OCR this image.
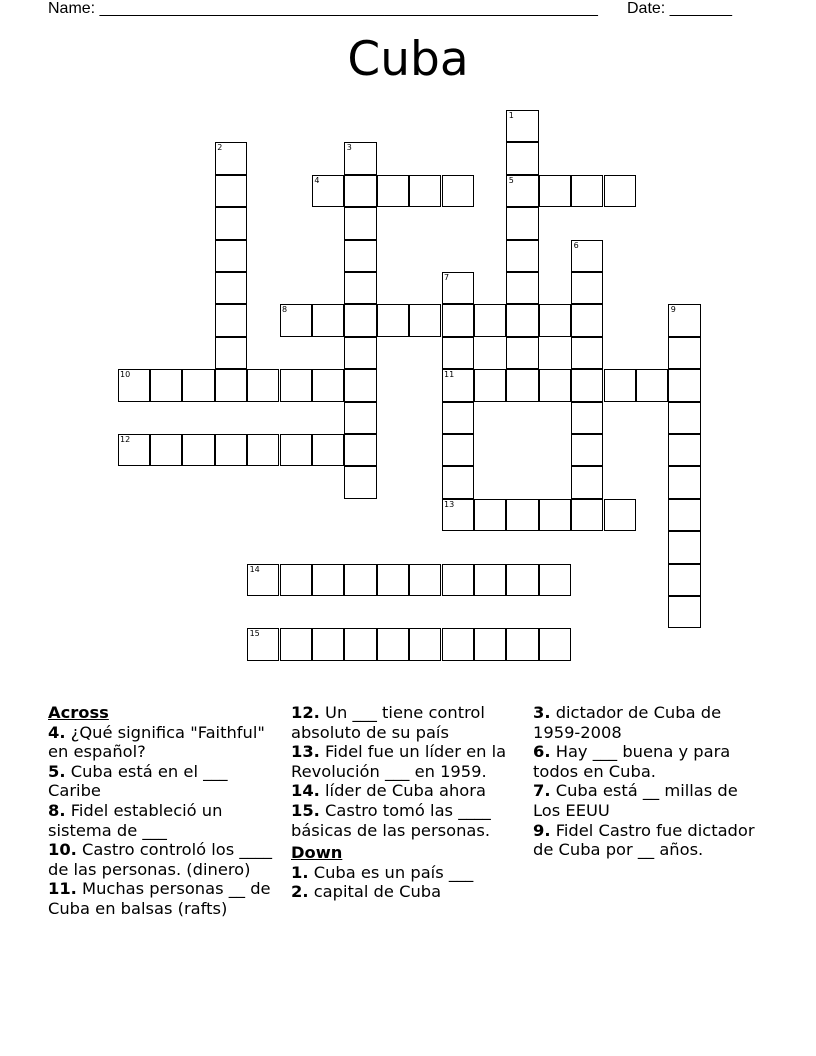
Name: ________________________________________________________ Date: _______
Cuba
1
5
2	3
4
6
7
11
8	9
10
12
13
14
15
Across
4. ¿Qué significa "Faithful" en español?
5. Cuba está en el ___ Caribe
8. Fidel estableció un sistema de ___
10. Castro controló los ____ de las personas. (dinero)
11. Muchas personas __ de Cuba en balsas (rafts)
12. Un ___ tiene control absoluto de su país
13. Fidel fue un líder en la Revolución ___ en 1959.
14. líder de Cuba ahora
15. Castro tomó las ____ básicas de las personas.
Down
1. Cuba es un país ___
2. capital de Cuba
3. dictador de Cuba de 1959-2008
6. Hay ___ buena y para todos en Cuba.
7. Cuba está __ millas de Los EEUU
9. Fidel Castro fue dictador de Cuba por __ años.
